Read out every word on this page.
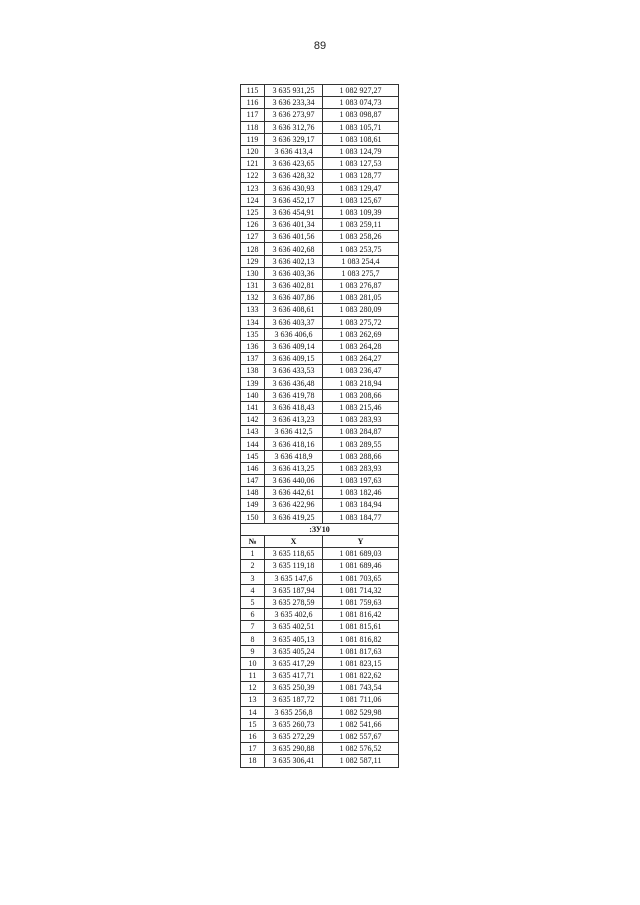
89
115	3 635 931,25	1 082 927,27
116	3 636 233,34	1 083 074,73
117	3 636 273,97	1 083 098,87
118	3 636 312,76	1 083 105,71
119	3 636 329,17	1 083 108,61
120	3 636 413,4	1 083 124,79
121	3 636 423,65	1 083 127,53
122	3 636 428,32	1 083 128,77
123	3 636 430,93	1 083 129,47
124	3 636 452,17	1 083 125,67
125	3 636 454,91	1 083 109,39
126	3 636 401,34	1 083 259,11
127	3 636 401,56	1 083 258,26
128	3 636 402,68	1 083 253,75
129	3 636 402,13	1 083 254,4
130	3 636 403,36	1 083 275,7
131	3 636 402,81	1 083 276,87
132	3 636 407,86	1 083 281,05
133	3 636 408,61	1 083 280,09
134	3 636 403,37	1 083 275,72
135	3 636 406,6	1 083 262,69
136	3 636 409,14	1 083 264,28
137	3 636 409,15	1 083 264,27
138	3 636 433,53	1 083 236,47
139	3 636 436,48	1 083 218,94
140	3 636 419,78	1 083 208,66
141	3 636 418,43	1 083 215,46
142	3 636 413,23	1 083 283,93
143	3 636 412,5	1 083 284,87
144	3 636 418,16	1 083 289,55
145	3 636 418,9	1 083 288,66
146	3 636 413,25	1 083 283,93
147	3 636 440,06	1 083 197,63
148	3 636 442,61	1 083 182,46
149	3 636 422,96	1 083 184,94
150	3 636 419,25	1 083 184,77
:ЗУ10		
№	X	Y
1	3 635 118,65	1 081 689,03
2	3 635 119,18	1 081 689,46
3	3 635 147,6	1 081 703,65
4	3 635 187,94	1 081 714,32
5	3 635 278,59	1 081 759,63
6	3 635 402,6	1 081 816,42
7	3 635 402,51	1 081 815,61
8	3 635 405,13	1 081 816,82
9	3 635 405,24	1 081 817,63
10	3 635 417,29	1 081 823,15
11	3 635 417,71	1 081 822,62
12	3 635 250,39	1 081 743,54
13	3 635 187,72	1 081 711,06
14	3 635 256,8	1 082 529,98
15	3 635 260,73	1 082 541,66
16	3 635 272,29	1 082 557,67
17	3 635 290,88	1 082 576,52
18	3 635 306,41	1 082 587,11
